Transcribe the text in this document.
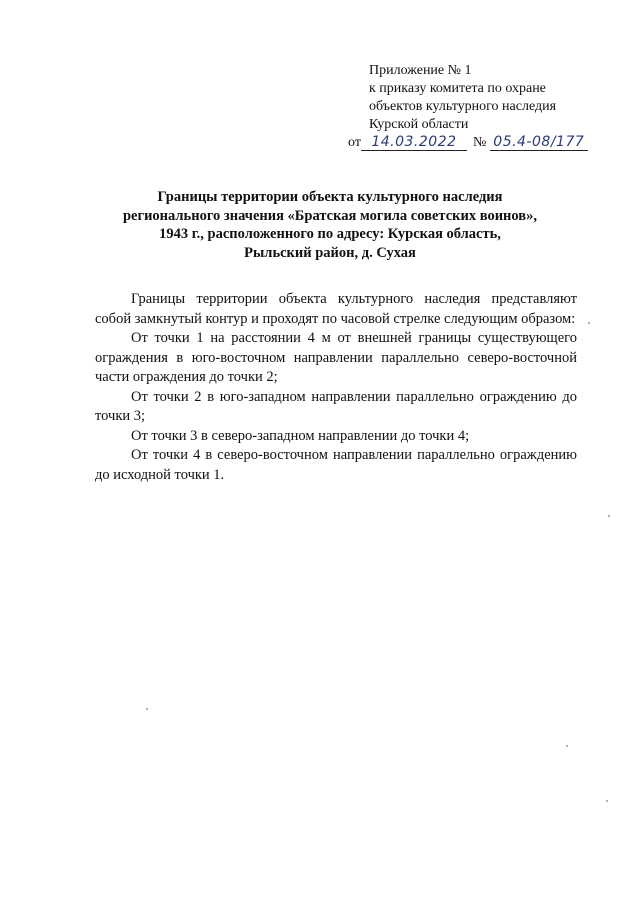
Приложение № 1
к приказу комитета по охране
объектов культурного наследия
Курской области
от 14.03.2022 № 05.4-08/177
Границы территории объекта культурного наследия
регионального значения «Братская могила советских воинов»,
1943 г., расположенного по адресу: Курская область,
Рыльский район, д. Сухая

Границы территории объекта культурного наследия представляют собой замкнутый контур и проходят по часовой стрелке следующим образом:

От точки 1 на расстоянии 4 м от внешней границы существующего ограждения в юго-восточном направлении параллельно северо-восточной части ограждения до точки 2;

От точки 2 в юго-западном направлении параллельно ограждению до точки 3;

От точки 3 в северо-западном направлении до точки 4;

От точки 4 в северо-восточном направлении параллельно ограждению до исходной точки 1.
